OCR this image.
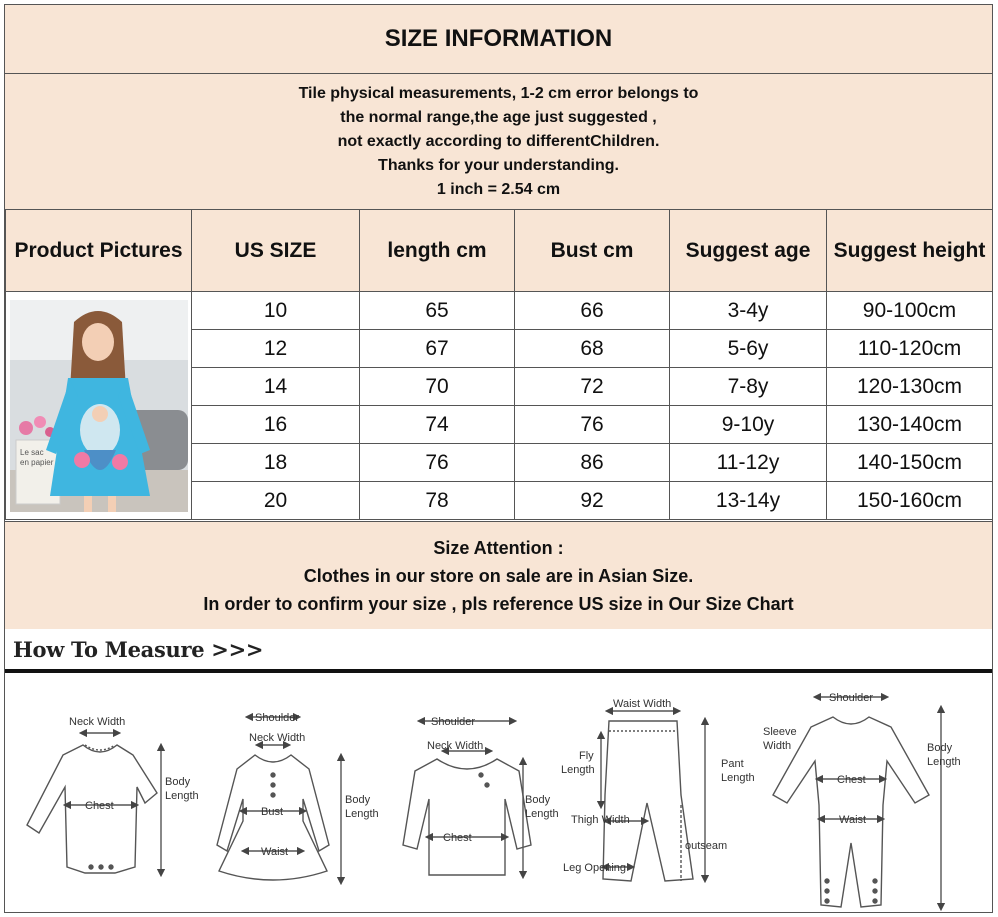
SIZE INFORMATION
Tile physical measurements, 1-2 cm error belongs to
the normal range,the age just suggested ,
not exactly according to differentChildren.
Thanks for your understanding.
1 inch = 2.54 cm
Product Pictures	US SIZE	length cm	Bust cm	Suggest age	Suggest height

Le sac
en papier	10	65	66	3-4y	90-100cm
	12	67	68	5-6y	110-120cm
	14	70	72	7-8y	120-130cm
	16	74	76	9-10y	130-140cm
	18	76	86	11-12y	140-150cm
	20	78	92	13-14y	150-160cm
Size Attention :
Clothes in our store on sale are in Asian Size.
In order to confirm your size , pls reference US size in Our Size Chart
How To Measure >>>
Neck Width
Body
Length
Chest
Shoulder
Neck Width
Body
Length
Bust
Waist
Shoulder
Neck Width
Body
Length
Chest
Waist Width
Fly
Length	Pant
Length
Thigh Width
outseam
Leg Opening
Shoulder
Sleeve
Width	Body
Length
Chest
Waist
